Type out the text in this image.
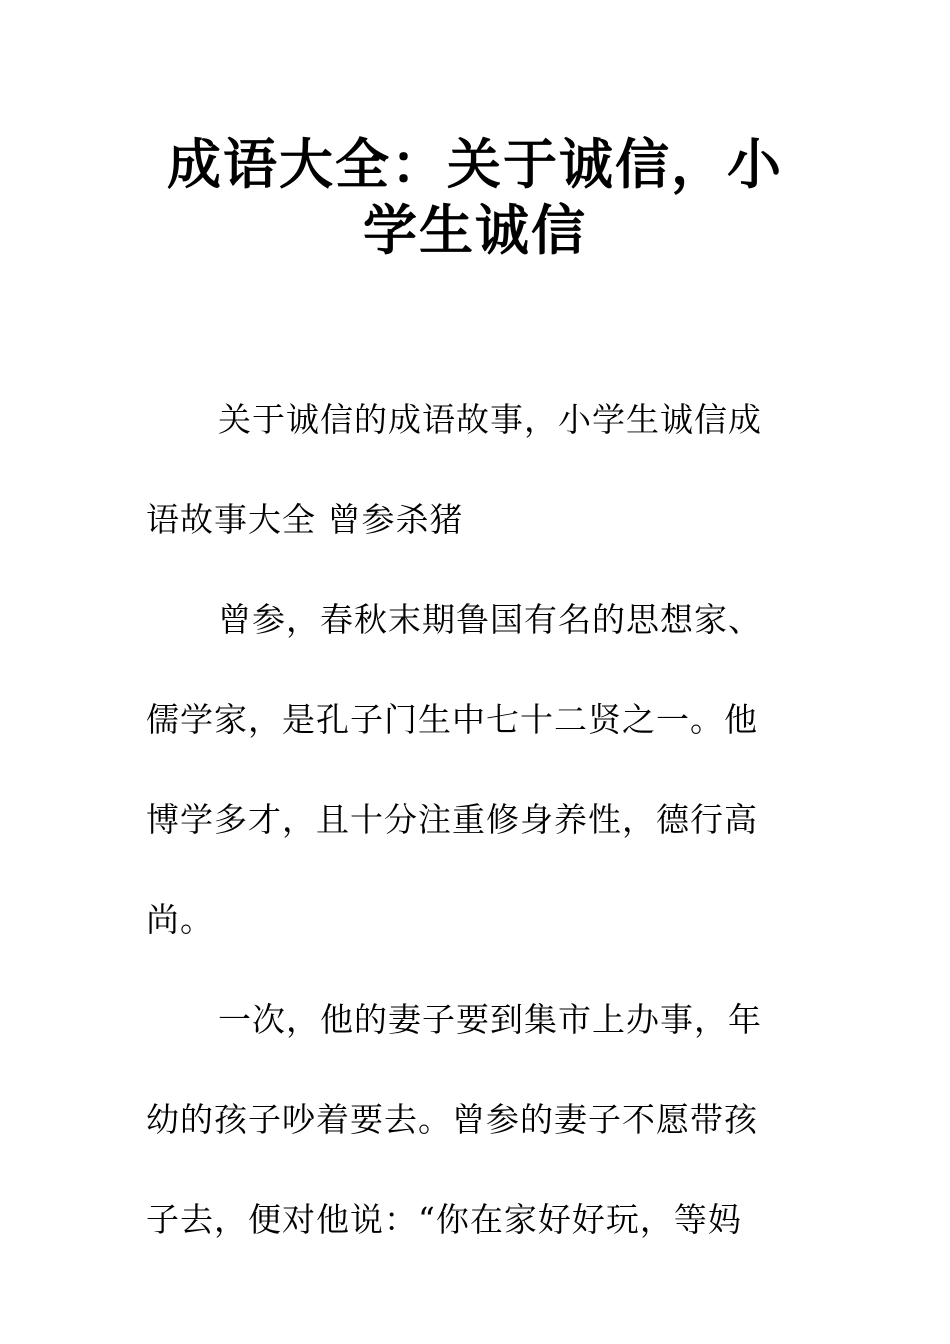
成语大全：关于诚信，小
学生诚信
关于诚信的成语故事，小学生诚信成
语故事大全 曾参杀猪
曾参，春秋末期鲁国有名的思想家、
儒学家，是孔子门生中七十二贤之一。他
博学多才，且十分注重修身养性，德行高
尚。
一次，他的妻子要到集市上办事，年
幼的孩子吵着要去。曾参的妻子不愿带孩
子去，便对他说：“你在家好好玩，等妈
